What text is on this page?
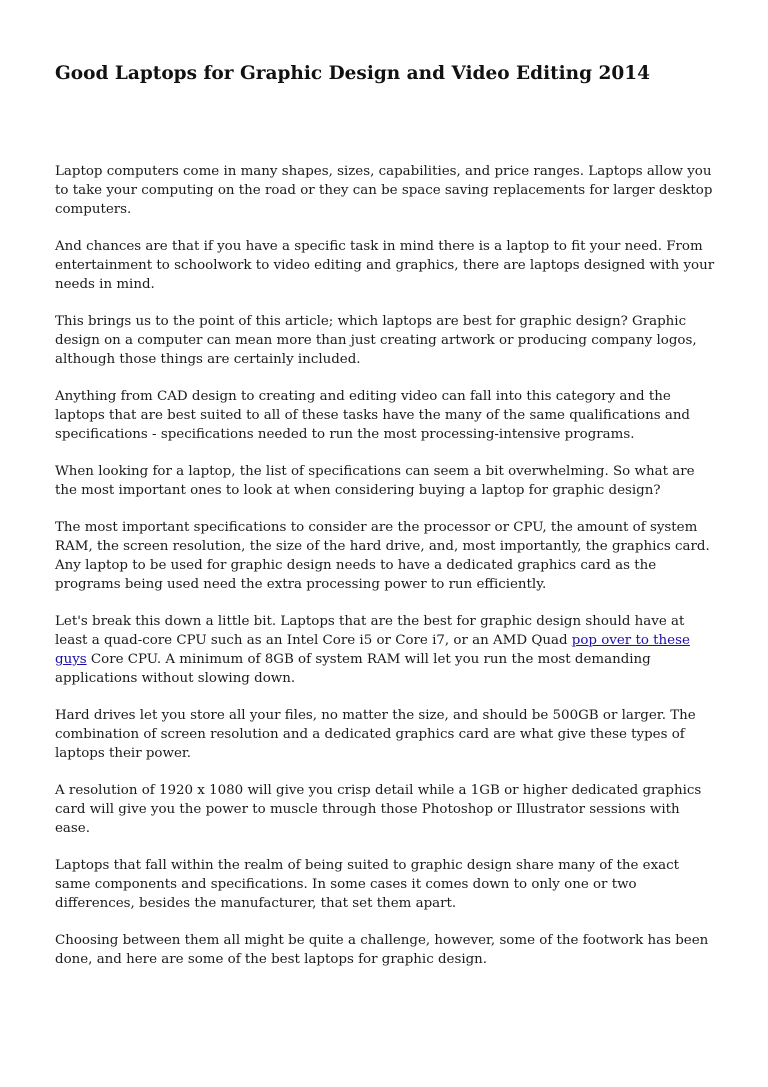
Good Laptops for Graphic Design and Video Editing 2014

Laptop computers come in many shapes, sizes, capabilities, and price ranges. Laptops allow you to take your computing on the road or they can be space saving replacements for larger desktop computers.

And chances are that if you have a specific task in mind there is a laptop to fit your need. From entertainment to schoolwork to video editing and graphics, there are laptops designed with your needs in mind.

This brings us to the point of this article; which laptops are best for graphic design? Graphic design on a computer can mean more than just creating artwork or producing company logos, although those things are certainly included.

Anything from CAD design to creating and editing video can fall into this category and the laptops that are best suited to all of these tasks have the many of the same qualifications and specifications - specifications needed to run the most processing-intensive programs.

When looking for a laptop, the list of specifications can seem a bit overwhelming. So what are the most important ones to look at when considering buying a laptop for graphic design?

The most important specifications to consider are the processor or CPU, the amount of system RAM, the screen resolution, the size of the hard drive, and, most importantly, the graphics card. Any laptop to be used for graphic design needs to have a dedicated graphics card as the programs being used need the extra processing power to run efficiently.

Let's break this down a little bit. Laptops that are the best for graphic design should have at least a quad-core CPU such as an Intel Core i5 or Core i7, or an AMD Quad pop over to these guys Core CPU. A minimum of 8GB of system RAM will let you run the most demanding applications without slowing down.

Hard drives let you store all your files, no matter the size, and should be 500GB or larger. The combination of screen resolution and a dedicated graphics card are what give these types of laptops their power.

A resolution of 1920 x 1080 will give you crisp detail while a 1GB or higher dedicated graphics card will give you the power to muscle through those Photoshop or Illustrator sessions with ease.

Laptops that fall within the realm of being suited to graphic design share many of the exact same components and specifications. In some cases it comes down to only one or two differences, besides the manufacturer, that set them apart.

Choosing between them all might be quite a challenge, however, some of the footwork has been done, and here are some of the best laptops for graphic design.
